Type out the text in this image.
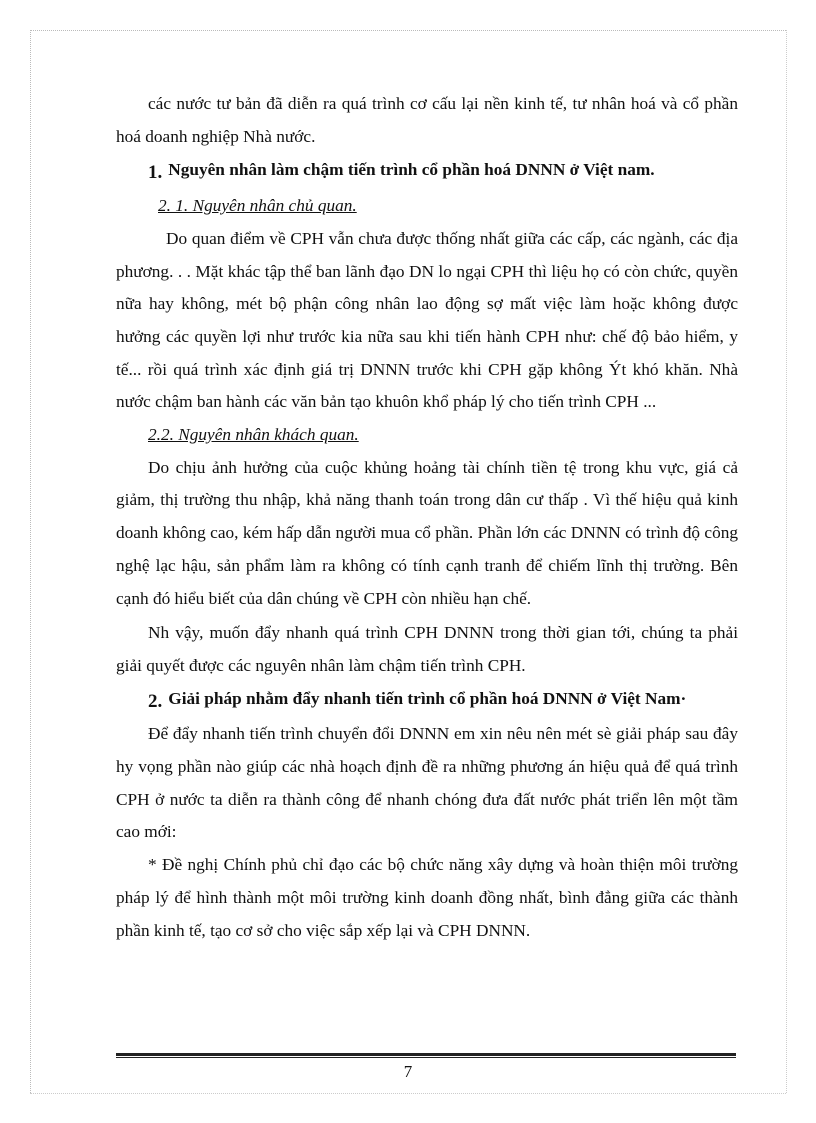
các nước tư bản đã diễn ra quá trình cơ cấu lại nền kinh tế, tư nhân hoá và cổ phần hoá doanh nghiệp Nhà nước.

1. Nguyên nhân làm chậm tiến trình cổ phần hoá DNNN ở Việt nam.

2. 1. Nguyên nhân chủ quan.

Do quan điểm về CPH vẫn chưa được thống nhất giữa các cấp, các ngành, các địa phương. . . Mặt khác tập thể ban lãnh đạo DN lo ngại CPH thì liệu họ có còn chức, quyền nữa hay không, mét bộ phận công nhân lao động sợ mất việc làm hoặc không được hưởng các quyền lợi như trước kia nữa sau khi tiến hành CPH như: chế độ bảo hiểm, y tế... rồi quá trình xác định giá trị DNNN trước khi CPH gặp không Ýt khó khăn. Nhà nước chậm ban hành các văn bản tạo khuôn khổ pháp lý cho tiến trình CPH ...

2.2. Nguyên nhân khách quan.

Do chịu ảnh hưởng của cuộc khủng hoảng tài chính tiền tệ trong khu vực, giá cả giảm, thị trường thu nhập, khả năng thanh toán trong dân cư thấp . Vì thế hiệu quả kinh doanh không cao, kém hấp dẫn người mua cổ phần. Phần lớn các DNNN có trình độ công nghệ lạc hậu, sản phẩm làm ra không có tính cạnh tranh để chiếm lĩnh thị trường. Bên cạnh đó hiểu biết của dân chúng về CPH còn nhiều hạn chế.

Nh vậy, muốn đẩy nhanh quá trình CPH DNNN trong thời gian tới, chúng ta phải giải quyết được các nguyên nhân làm chậm tiến trình CPH.

2. Giải pháp nhằm đẩy nhanh tiến trình cổ phần hoá DNNN ở Việt Nam·

Để đẩy nhanh tiến trình chuyển đổi DNNN em xin nêu nên mét sè giải pháp sau đây hy vọng phần nào giúp các nhà hoạch định đề ra những phương án hiệu quả để quá trình CPH ở nước ta diễn ra thành công để nhanh chóng đưa đất nước phát triển lên một tầm cao mới:

* Đề nghị Chính phủ chỉ đạo các bộ chức năng xây dựng và hoàn thiện môi trường pháp lý để hình thành một môi trường kinh doanh đồng nhất, bình đẳng giữa các thành phần kinh tế, tạo cơ sở cho việc sắp xếp lại và CPH DNNN.

7
